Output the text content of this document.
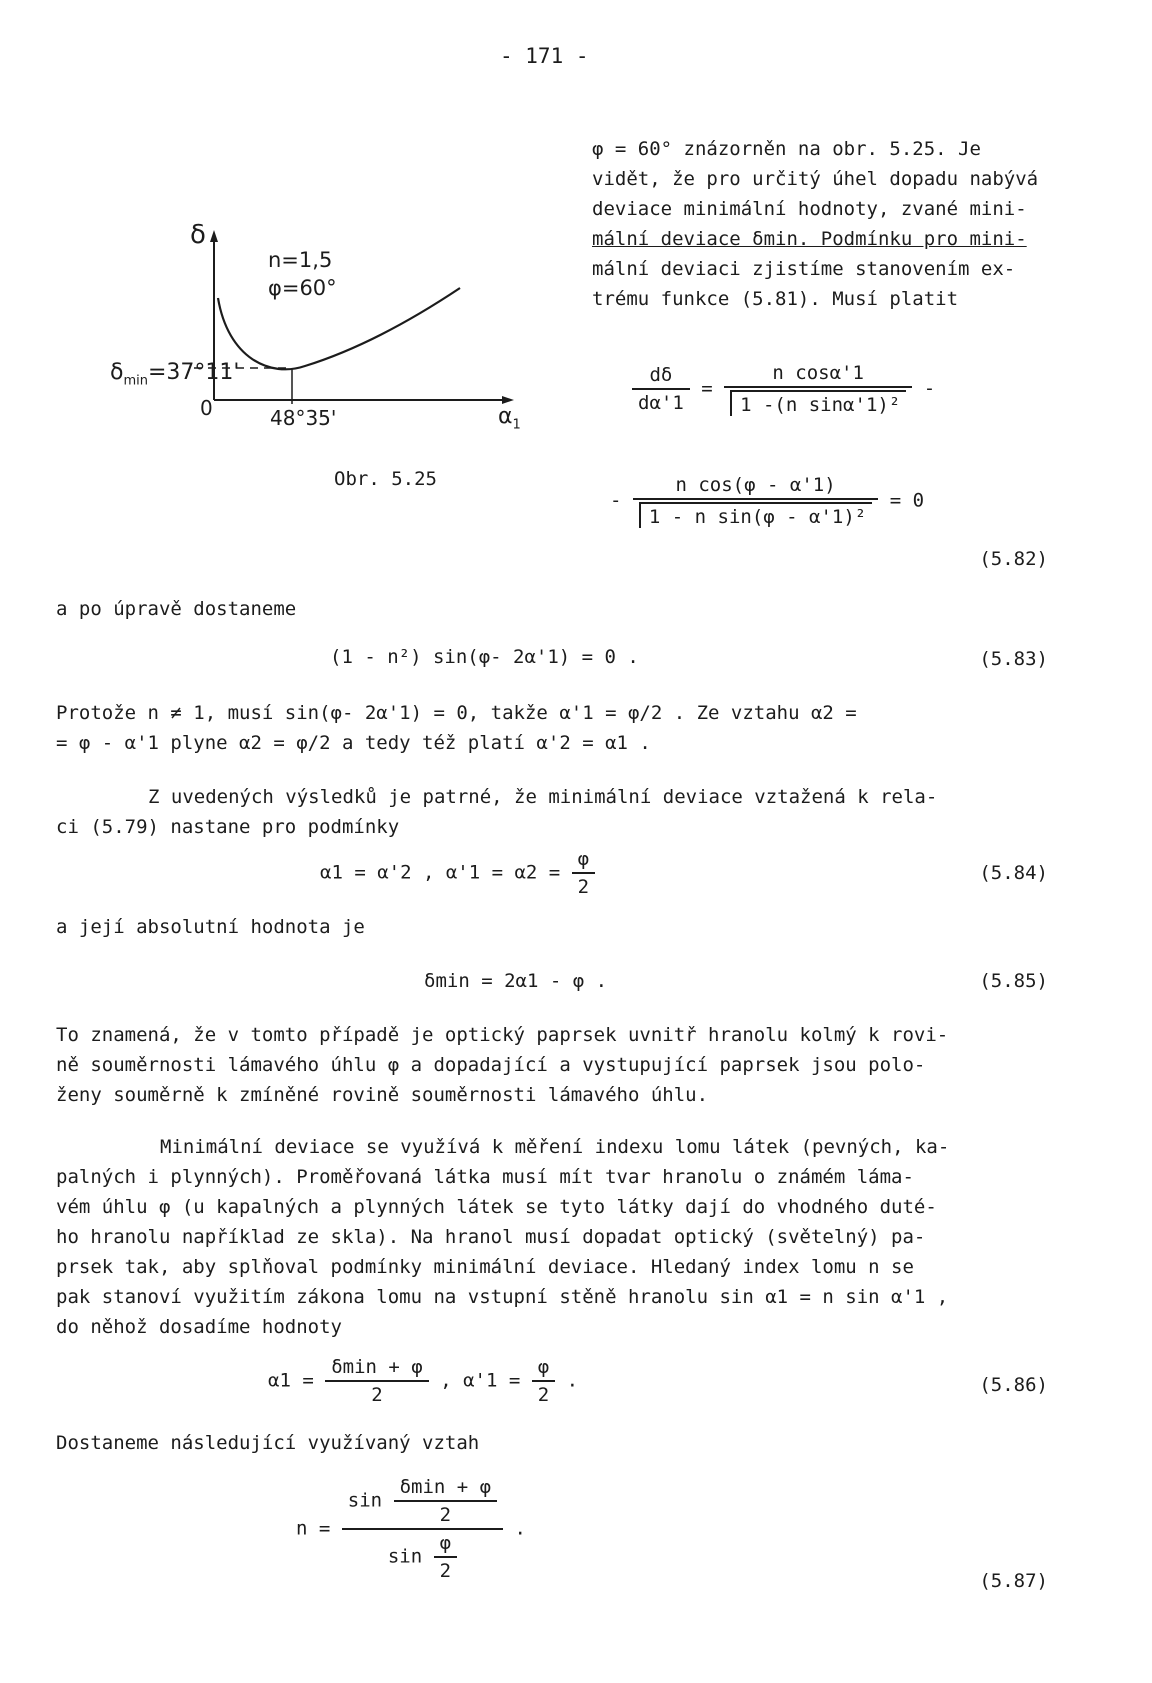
- 171 -
δ
n=1,5
φ=60°
$\delta_{min}=37^\circ 11'$
0	48°35'	$\alpha_1$
Obr. 5.25
φ = 60° znázorněn na obr. 5.25. Je
vidět, že pro určitý úhel dopadu nabývá
deviace minimální hodnoty, zvané mini-
mální deviace δmin. Podmínku pro mini-
mální deviaci zjistíme stanovením ex-
trému funkce (5.81). Musí platit
$\frac{d\delta}{d\alpha'1} = \frac{\text{n cosα'1}}{\text{1 -(n sinα'1)²}}$ -
- $\frac{\text{n cos(φ - α'1)}}{\text{1 - n sin(φ - α'1)²}} = 0$
(5.82)
a po úpravě dostaneme
(1 - n²) sin(φ- 2α'1) = 0 .	(5.83)
Protože n ≠ 1, musí sin(φ- 2α'1) = 0, takže α'1 = φ/2 . Ze vztahu α2 =
= φ - α'1 plyne α2 = φ/2 a tedy též platí α'2 = α1 .
Z uvedených výsledků je patrné, že minimální deviace vztažená k rela-
ci (5.79) nastane pro podmínky
α1 = α'2 , $\alpha'1 = \alpha 2 = \frac{\varphi}{2}$	(5.84)
a její absolutní hodnota je
δmin = 2α1 - φ .	(5.85)
To znamená, že v tomto případě je optický paprsek uvnitř hranolu kolmý k rovi-
ně souměrnosti lámavého úhlu φ a dopadající a vystupující paprsek jsou polo-
ženy souměrně k zmíněné rovině souměrnosti lámavého úhlu.
Minimální deviace se využívá k měření indexu lomu látek (pevných, ka-
palných i plynných). Proměřovaná látka musí mít tvar hranolu o známém láma-
vém úhlu φ (u kapalných a plynných látek se tyto látky dají do vhodného duté-
ho hranolu například ze skla). Na hranol musí dopadat optický (světelný) pa-
prsek tak, aby splňoval podmínky minimální deviace. Hledaný index lomu n se
pak stanoví využitím zákona lomu na vstupní stěně hranolu sin α1 = n sin α'1 ,
do něhož dosadíme hodnoty
$\alpha 1 = \frac{\delta\min + \varphi}{2}$ , $\alpha'1 = \frac{\varphi}{2}$ .	(5.86)
Dostaneme následující využívaný vztah
$n = \frac{\sin \frac{\delta\min + \varphi}{2}}{\sin \frac{\varphi}{2}}$ .
(5.87)
